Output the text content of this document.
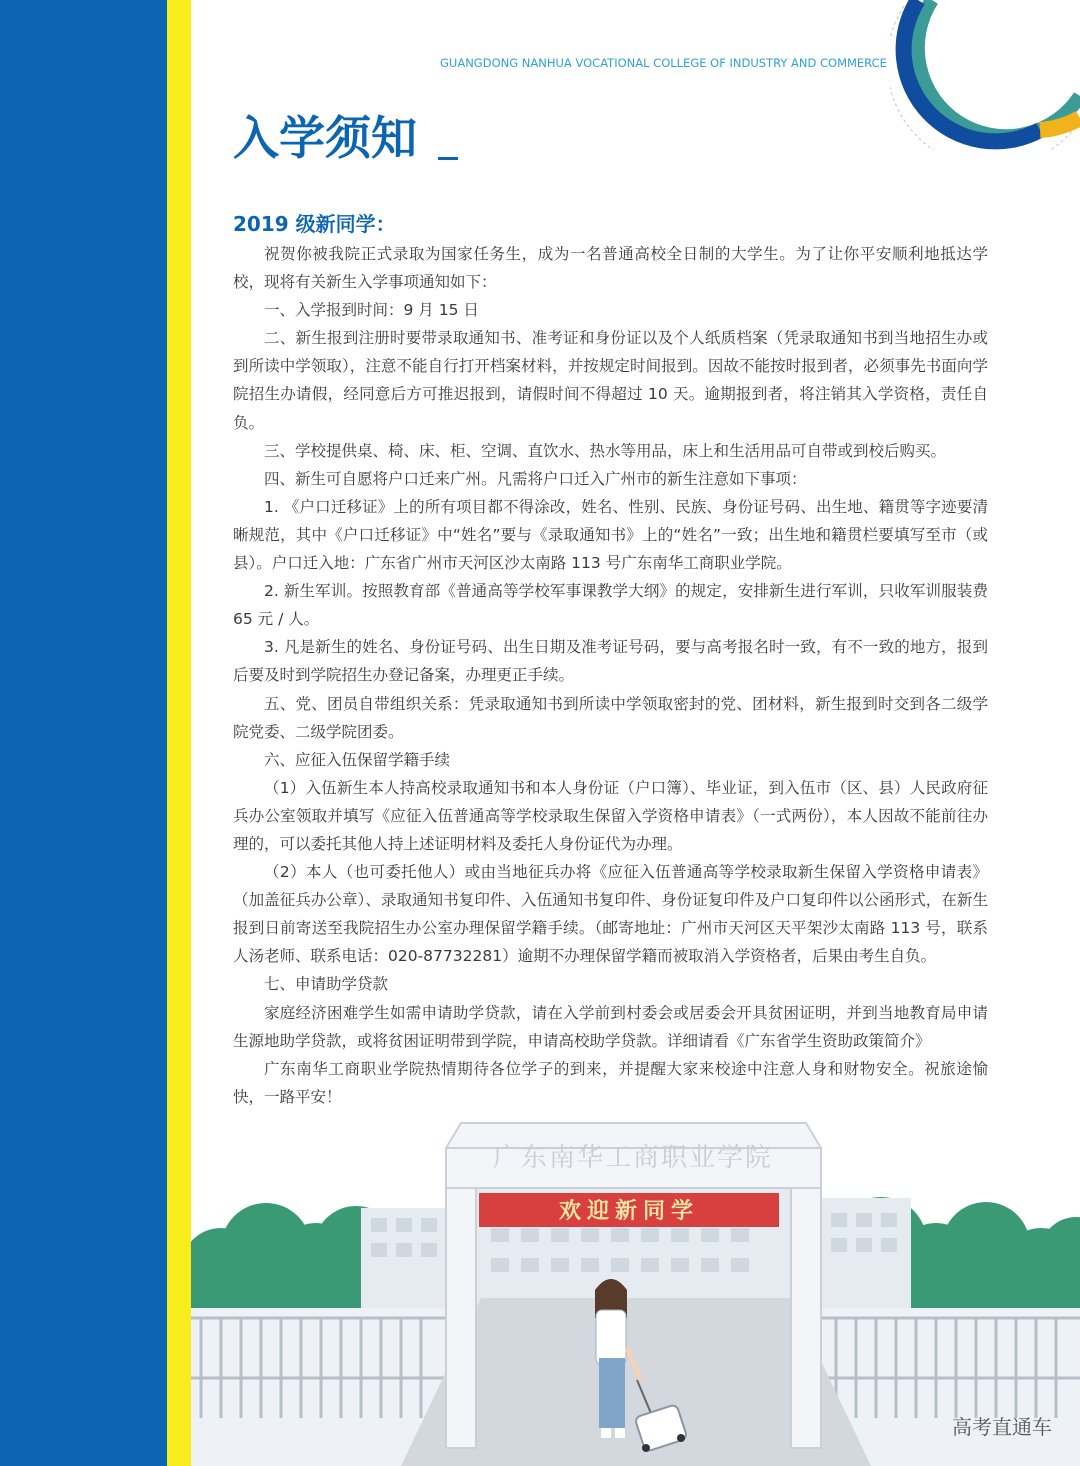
GUANGDONG NANHUA VOCATIONAL COLLEGE OF INDUSTRY AND COMMERCE
入学须知
2019 级新同学：

祝贺你被我院正式录取为国家任务生，成为一名普通高校全日制的大学生。为了让你平安顺利地抵达学校，现将有关新生入学事项通知如下：

一、入学报到时间：9 月 15 日

二、新生报到注册时要带录取通知书、准考证和身份证以及个人纸质档案（凭录取通知书到当地招生办或到所读中学领取），注意不能自行打开档案材料，并按规定时间报到。因故不能按时报到者，必须事先书面向学院招生办请假，经同意后方可推迟报到，请假时间不得超过 10 天。逾期报到者，将注销其入学资格，责任自负。

三、学校提供桌、椅、床、柜、空调、直饮水、热水等用品，床上和生活用品可自带或到校后购买。

四、新生可自愿将户口迁来广州。凡需将户口迁入广州市的新生注意如下事项：

1. 《户口迁移证》上的所有项目都不得涂改，姓名、性别、民族、身份证号码、出生地、籍贯等字迹要清晰规范，其中《户口迁移证》中“姓名”要与《录取通知书》上的“姓名”一致；出生地和籍贯栏要填写至市（或县）。户口迁入地：广东省广州市天河区沙太南路 113 号广东南华工商职业学院。

2. 新生军训。按照教育部《普通高等学校军事课教学大纲》的规定，安排新生进行军训，只收军训服装费 65 元 / 人。

3. 凡是新生的姓名、身份证号码、出生日期及准考证号码，要与高考报名时一致，有不一致的地方，报到后要及时到学院招生办登记备案，办理更正手续。

五、党、团员自带组织关系：凭录取通知书到所读中学领取密封的党、团材料，新生报到时交到各二级学院党委、二级学院团委。

六、应征入伍保留学籍手续

（1）入伍新生本人持高校录取通知书和本人身份证（户口簿）、毕业证，到入伍市（区、县）人民政府征兵办公室领取并填写《应征入伍普通高等学校录取生保留入学资格申请表》（一式两份），本人因故不能前往办理的，可以委托其他人持上述证明材料及委托人身份证代为办理。

（2）本人（也可委托他人）或由当地征兵办将《应征入伍普通高等学校录取新生保留入学资格申请表》（加盖征兵办公章）、录取通知书复印件、入伍通知书复印件、身份证复印件及户口复印件以公函形式，在新生报到日前寄送至我院招生办公室办理保留学籍手续。（邮寄地址：广州市天河区天平架沙太南路 113 号，联系人汤老师、联系电话：020-87732281）逾期不办理保留学籍而被取消入学资格者，后果由考生自负。

七、申请助学贷款

家庭经济困难学生如需申请助学贷款，请在入学前到村委会或居委会开具贫困证明，并到当地教育局申请生源地助学贷款，或将贫困证明带到学院，申请高校助学贷款。详细请看《广东省学生资助政策简介》

广东南华工商职业学院热情期待各位学子的到来，并提醒大家来校途中注意人身和财物安全。祝旅途愉快，一路平安！

广东南华工商职业学院
欢迎新同学
高考直通车
